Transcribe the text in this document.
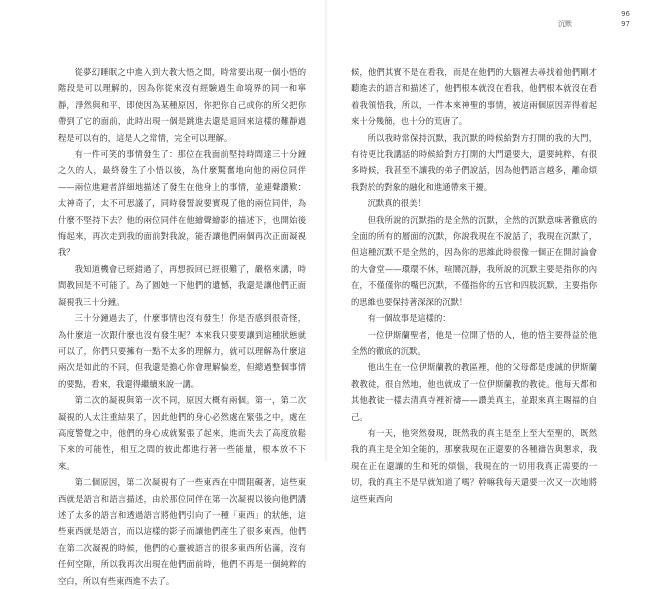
96
沉默	97

從夢幻睡眠之中進入到大教大悟之間，時常要出現一個小悟的階段是可以理解的，因為你從來沒有經驗過生命境界的同一和寧靜，淨然與和平，即使因為某種原因，你把你自己或你的所父把你帶到了它的面前，此時出現一個是跳進去還是退回來這樣的難靜過程是可以有的，這是人之常情，完全可以理解。

有一件可笑的事情發生了：那位在我面前堅持時間達三十分鐘之久的人，最終發生了小悟以後，為什麼驚奮地向他的兩位同伴——兩位進避者詳細地描述了發生在他身上的事情，並連聲讚歎：太神奇了，太不可思議了，同時發誓說要實現了他的兩位同伴，為什麼不堅持下去？他的兩位同伴在他繪聲繪影的描述下，也開始後悔起來，再次走到我的面前對我說，能否讓他們兩個再次正面凝視我？

我知道機會已經錯過了，再想扳回已經很難了，嚴格來講，時間教回是不可能了。為了圓她一下他們的遺憾，我還是讓他們正面凝視我三十分鐘。

三十分鐘過去了，什麼事情也沒有發生！你是否感到很奇怪，為什麼這一次跟什麼也沒有發生呢？本來我只要要讓到這種狀態就可以了，你們只要擁有一點不太多的理解力，就可以理解為什麼這兩次是如此的不同，但我還是擔心你會理解偏差，但總過整個事情的要點，看來，我還得繼續來說一講。

第二次的凝視與第一次不同，原因大概有兩個。第一，第二次凝視的人太注重結果了，因此他們的身心必然處在緊張之中，處在高度警覺之中，他們的身心成就緊張了起來，進而失去了高度放鬆下來的可能性，相互之間的彼此都進行著一些能量，根本放不下來。

第二個原因，第二次凝視有了一些東西在中間阻礙著，這些東西就是語言和語言描述，由於那位同伴在第一次凝視以後向他們講述了太多的語言和透過語言將他們引向了一種「東西」的狀態，這些東西就是語言，而以這樣的影子而讓他們產生了很多東西，他們在第二次凝視的時候，他們的心靈被語言的很多東西所佔滿，沒有任何空隙，所以我再次出現在他們面前時，他們不再是一個純粹的空白，所以有些東西進不去了。

候，他們其實不是在看我，而是在他們的大腦裡去尋找着他們剛才聽進去的語言和描述了，他們根本就沒在看我，他們根本就沒在看着我領悟我，所以，一件本來神聖的事情，被這兩個原因弄得着起來十分幾簡，也十分的荒唐了。

所以我時常保持沉默，我沉默的時候給對方打開的我的大門，有待更比我講話的時候給對方打開的大門還要大，還要純粹，有很多時候，我甚至不讓我的弟子們說話，因為他們語言越多，離命煩我對於的對象的融化和進通帶來干擾。

沉默真的很美！

但我所說的沉默指的是全然的沉默，全然的沉默意味著徹底的全面的所有的層面的沉默，你說我現在不說話了，我現在沉默了，但這種沉默不是全然的，因為你的思維此時很像一個正在開討論會的大會堂——環環不休，喧鬧沉靜，我所說的沉默主要是指你的內在，不僅僅你的嘴巴沉默，不僅指你的五官和四肢沉默，主要指你的思維也要保持著深深的沉默！

有一個故事是這樣的：

一位伊斯蘭聖者，他是一位開了悟的人，他的悟主要得益於他全然的徹底的沉默。

他出生在一位伊斯蘭教的教區裡，他的父母都是虔誠的伊斯蘭教教徒，很自然地，他也就成了一位伊斯蘭教的教徒。他每天都和其他教徒一樣去清真寺裡祈禱——讚美真主，並跟來真主賜福的自己。

有一天，他突然發現，既然我的真主是至上至大至聖的，既然我的真主是全知全能的，那麼我現在正還要的各種禱告與懇求，我現在正在還讓的生和死的煩惱，我現在的一切用我真正需要的一切，我的真主不是早就知道了嗎？幹嘛我每天還要一次又一次地將這些東西向
